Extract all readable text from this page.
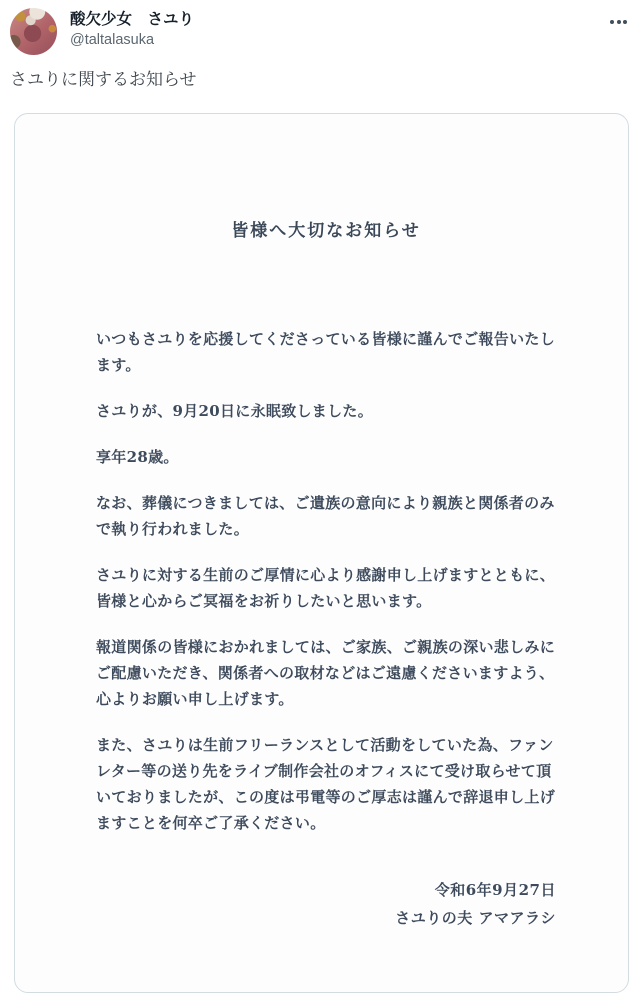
酸欠少女　さユり
@taltalasuka
さユりに関するお知らせ
皆様へ大切なお知らせ

いつもさユりを応援してくださっている皆様に謹んでご報告いたします。

さユりが、9月20日に永眠致しました。

享年28歳。

なお、葬儀につきましては、ご遺族の意向により親族と関係者のみで執り行われました。

さユりに対する生前のご厚情に心より感謝申し上げますとともに、皆様と心からご冥福をお祈りしたいと思います。

報道関係の皆様におかれましては、ご家族、ご親族の深い悲しみにご配慮いただき、関係者への取材などはご遠慮くださいますよう、心よりお願い申し上げます。

また、さユりは生前フリーランスとして活動をしていた為、ファンレター等の送り先をライブ制作会社のオフィスにて受け取らせて頂いておりましたが、この度は弔電等のご厚志は謹んで辞退申し上げますことを何卒ご了承ください。

令和6年9月27日

さユりの夫 アマアラシ
